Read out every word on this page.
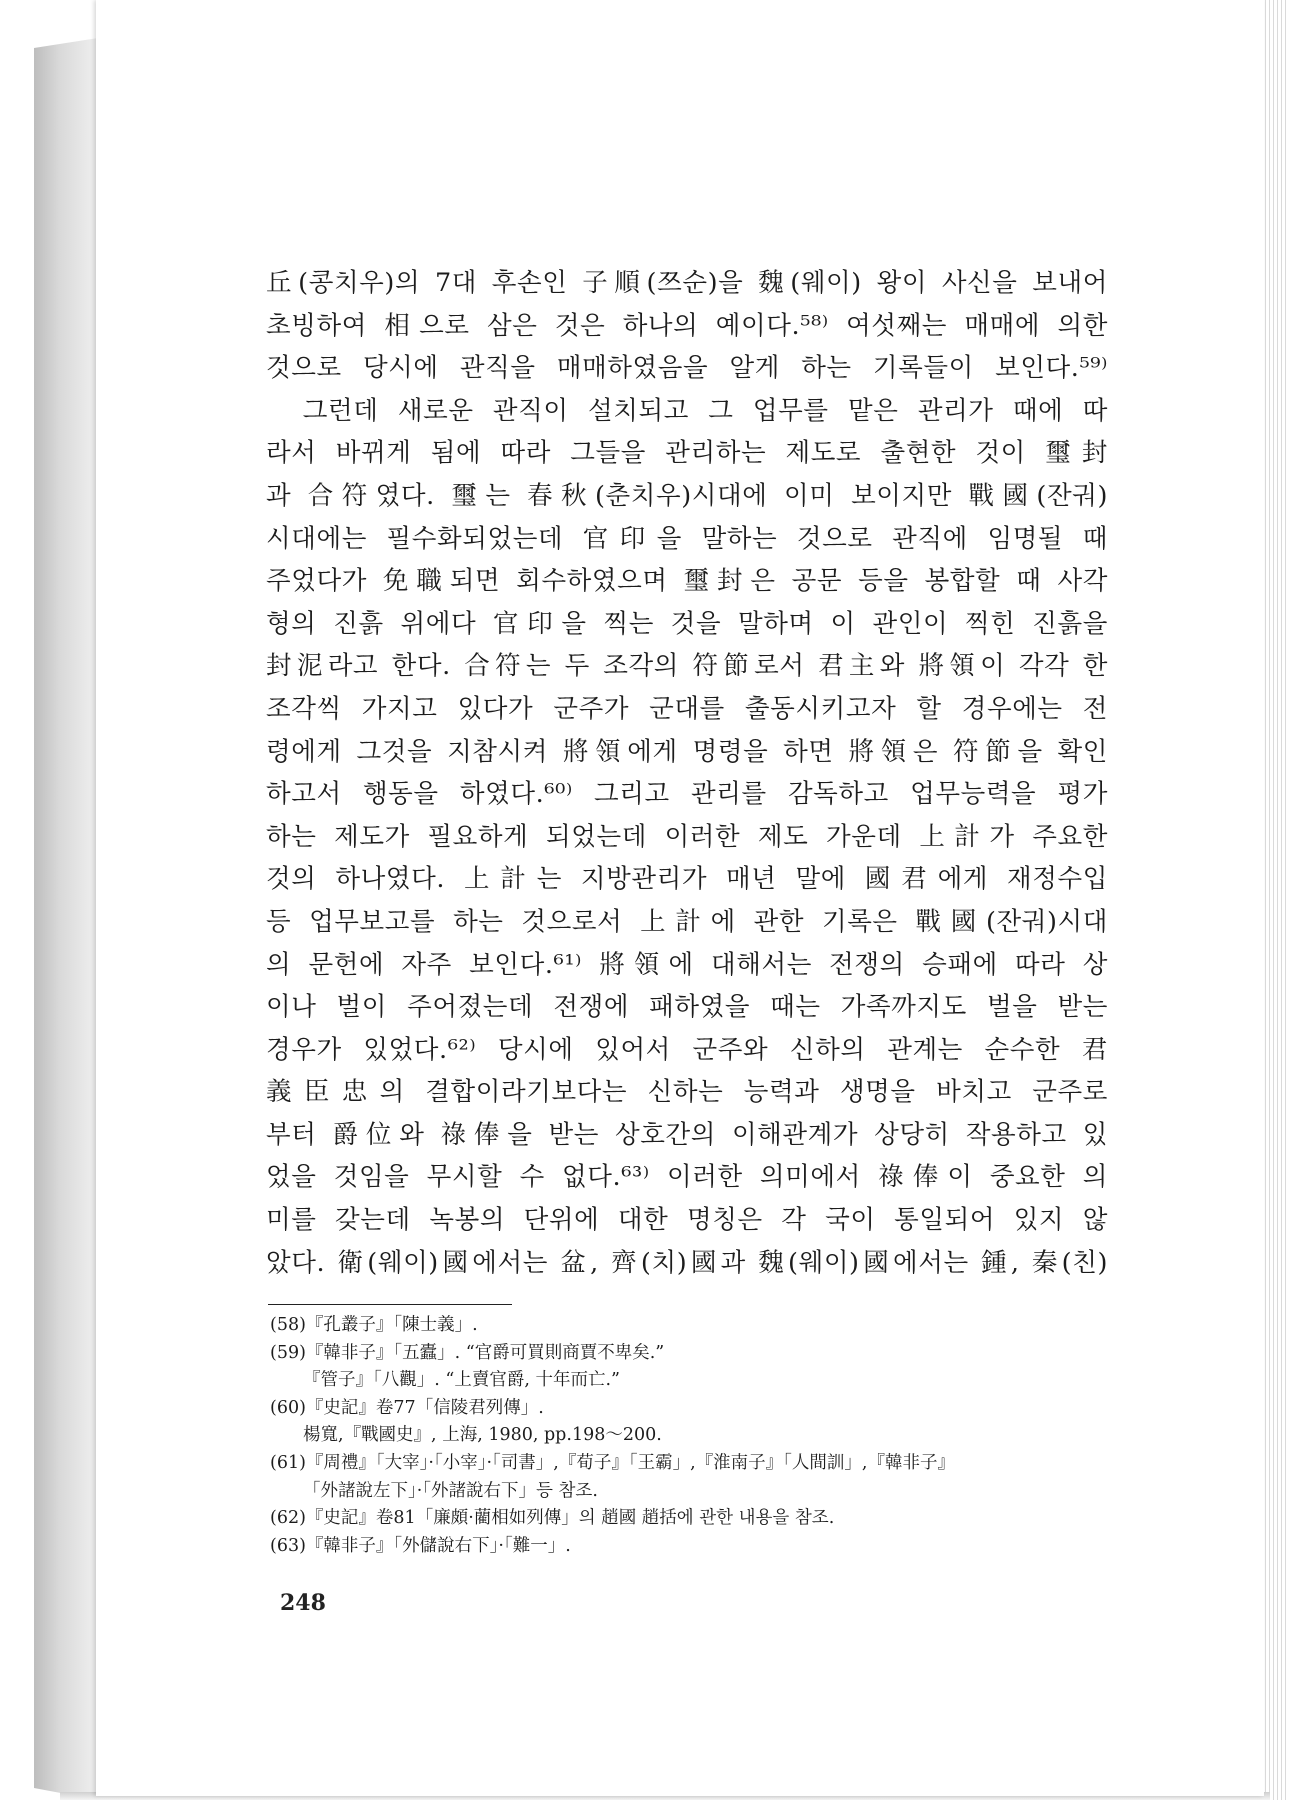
丘(콩치우)의 7대 후손인 子順(쯔순)을 魏(웨이) 왕이 사신을 보내어
초빙하여 相으로 삼은 것은 하나의 예이다.⁵⁸⁾ 여섯째는 매매에 의한
것으로 당시에 관직을 매매하였음을 알게 하는 기록들이 보인다.⁵⁹⁾
　그런데 새로운 관직이 설치되고 그 업무를 맡은 관리가 때에 따
라서 바뀌게 됨에 따라 그들을 관리하는 제도로 출현한 것이 璽封
과 合符였다. 璽는 春秋(춘치우)시대에 이미 보이지만 戰國(잔궈)
시대에는 필수화되었는데 官印을 말하는 것으로 관직에 임명될 때
주었다가 免職되면 회수하였으며 璽封은 공문 등을 봉합할 때 사각
형의 진흙 위에다 官印을 찍는 것을 말하며 이 관인이 찍힌 진흙을
封泥라고 한다. 合符는 두 조각의 符節로서 君主와 將領이 각각 한
조각씩 가지고 있다가 군주가 군대를 출동시키고자 할 경우에는 전
령에게 그것을 지참시켜 將領에게 명령을 하면 將領은 符節을 확인
하고서 행동을 하였다.⁶⁰⁾ 그리고 관리를 감독하고 업무능력을 평가
하는 제도가 필요하게 되었는데 이러한 제도 가운데 上計가 주요한
것의 하나였다. 上計는 지방관리가 매년 말에 國君에게 재정수입
등 업무보고를 하는 것으로서 上計에 관한 기록은 戰國(잔궈)시대
의 문헌에 자주 보인다.⁶¹⁾ 將領에 대해서는 전쟁의 승패에 따라 상
이나 벌이 주어졌는데 전쟁에 패하였을 때는 가족까지도 벌을 받는
경우가 있었다.⁶²⁾ 당시에 있어서 군주와 신하의 관계는 순수한 君
義臣忠의 결합이라기보다는 신하는 능력과 생명을 바치고 군주로
부터 爵位와 祿俸을 받는 상호간의 이해관계가 상당히 작용하고 있
었을 것임을 무시할 수 없다.⁶³⁾ 이러한 의미에서 祿俸이 중요한 의
미를 갖는데 녹봉의 단위에 대한 명칭은 각 국이 통일되어 있지 않
았다. 衛(웨이)國에서는 盆, 齊(치)國과 魏(웨이)國에서는 鍾, 秦(친)
(58)『孔叢子』「陳士義」.
(59)『韓非子』「五蠹」. “官爵可買則商賈不卑矣.”
『管子』「八觀」. “上賣官爵, 十年而亡.”
(60)『史記』卷77「信陵君列傳」.
楊寬,『戰國史』, 上海, 1980, pp.198～200.
(61)『周禮』「大宰」·「小宰」·「司書」,『荀子』「王霸」,『淮南子』「人間訓」,『韓非子』
「外諸說左下」·「外諸說右下」등 참조.
(62)『史記』卷81「廉頗·藺相如列傳」의 趙國 趙括에 관한 내용을 참조.
(63)『韓非子』「外儲說右下」·「難一」.
248
